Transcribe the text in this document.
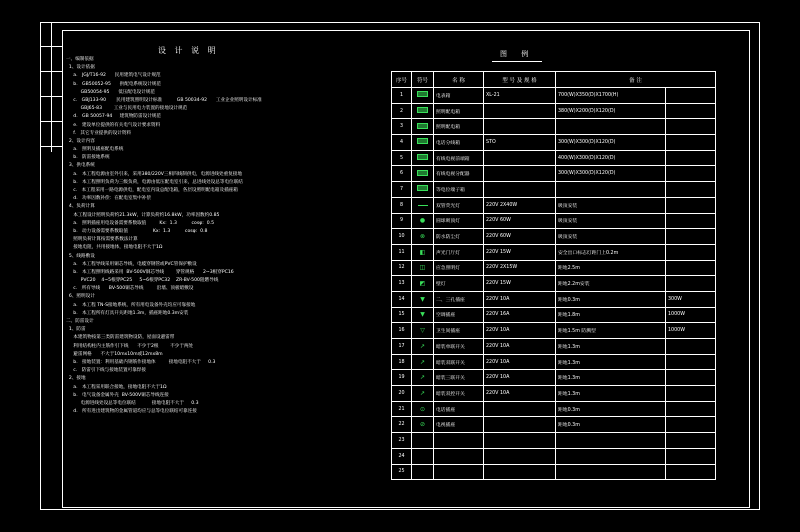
设 计 说 明
一、编制依据
1、设计依据
a.   JGJ/T16-92      民用建筑电气设计规范
b.   GB50052-95      供配电系统设计规范
GB50054-95      低压配电设计规范
c.   GBJ133-90       民用建筑照明设计标准          GB 50034-92      工业企业照明设计标准
GBJ65-83        工业与民用电力装置的接地设计规范
d.   GB 50057-94     建筑物防雷设计规范
e.   建设单位提供的有关电气设计要求资料
f.   其它专业提供的设计资料
2、设计内容
a.   照明及插座配电系统
b.   防雷接地系统
3、供电系统
a.   本工程电源由室外引来，采用380/220V三相四线制供电，电源进线处重复接地
b.   本工程照明负荷为三级负荷，电源由低压配电室引来，总进线处设总等电位联结
c.   本工程采用一路电源供电，配电室内设总配电箱，各层设照明配电箱及插座箱
d.   功率因数补偿：在配电室集中补偿
4、负荷计算
本工程设计照明负荷约21.3kW，计算负荷约16.8kW，功率因数约0.85
a.   照明插座用电设备需要系数取值         Kx:  1.3          cosφ:  0.5
b.   动力设备需要系数取值                 Kx:  1.3          cosφ:  0.8
照明负荷计算按需要系数法计算
接地电阻，共用接地体，接地电阻不大于1Ω
5、线路敷设
a.   本工程导线采用铜芯导线，电缆穿钢管或PVC管保护敷设
b.   本工程照明线路采用  BV-500V铜芯导线        穿管规格      2~3根穿PC16
PVC20    4~5根穿PC25     5~6根穿PC32    ZR-BV-500阻燃导线
c.   所有导线      BV-500铜芯导线         沿墙、顶板暗敷设
6、照明设计
a.   本工程 TN-S接地系统，所有用电设备外壳均应可靠接地
b.   本工程所有灯具开关距地1.3m，插座距地0.3m安装
二、防雷设计
1、防雷
本建筑物按第三类防雷建筑物设防，屋面设避雷带
利用结构柱内主筋作引下线      不少于2根        不少于两处
避雷网格      不大于10mx10m或12mx8m
b.   接地装置：利用基础内钢筋作接地体         接地电阻不大于     0.3
c.   防雷引下线与接地装置可靠焊接
2、接地
a.   本工程采用联合接地，接地电阻不大于1Ω
b.   电气设备金属外壳  BV-500V铜芯导线连接
电源进线处设总等电位联结           接地电阻不大于     0.3
d.   所有进出建筑物的金属管道均应与总等电位联结可靠连接
图 例
序号	符号	名 称	型 号 及 规 格	备 注	
1		电表箱	XL-21	700(W)X350(D)X1700(H)	
2		照明配电箱		380(W)X200(D)X120(D)	
3		照明配电箱			
4		电话分线箱	STO	300(W)X300(D)X120(D)	
5		有线电视前端箱		400(W)X300(D)X120(D)	
6		有线电视分配器		300(W)X300(D)X120(D)	
7		等电位端子箱			
8		双管荧光灯	220V 2X40W	吸顶安装	
9	●	圆球吸顶灯	220V 60W	吸顶安装	
10	⊗	防水防尘灯	220V 60W	吸顶安装	
11	◧	声光门厅灯	220V 15W	安全出口标志灯距门上0.2m	
12	◫	应急照明灯	220V 2X15W	距地2.5m	
13	◩	壁灯	220V 15W	距地2.2m安装	
14	▼	二、三孔插座	220V 10A	距地0.3m	300W
15	▼	空调插座	220V 16A	距地1.8m	1000W
16	▽	卫生间插座	220V 10A	距地1.5m 防溅型	1000W
17	↗	暗装单联开关	220V 10A	距地1.3m	
18	↗	暗装双联开关	220V 10A	距地1.3m	
19	↗	暗装三联开关	220V 10A	距地1.3m	
20	↗	暗装双控开关	220V 10A	距地1.3m	
21	⊙	电话插座		距地0.3m	
22	⊘	电视插座		距地0.3m	
23					
24					
25					
